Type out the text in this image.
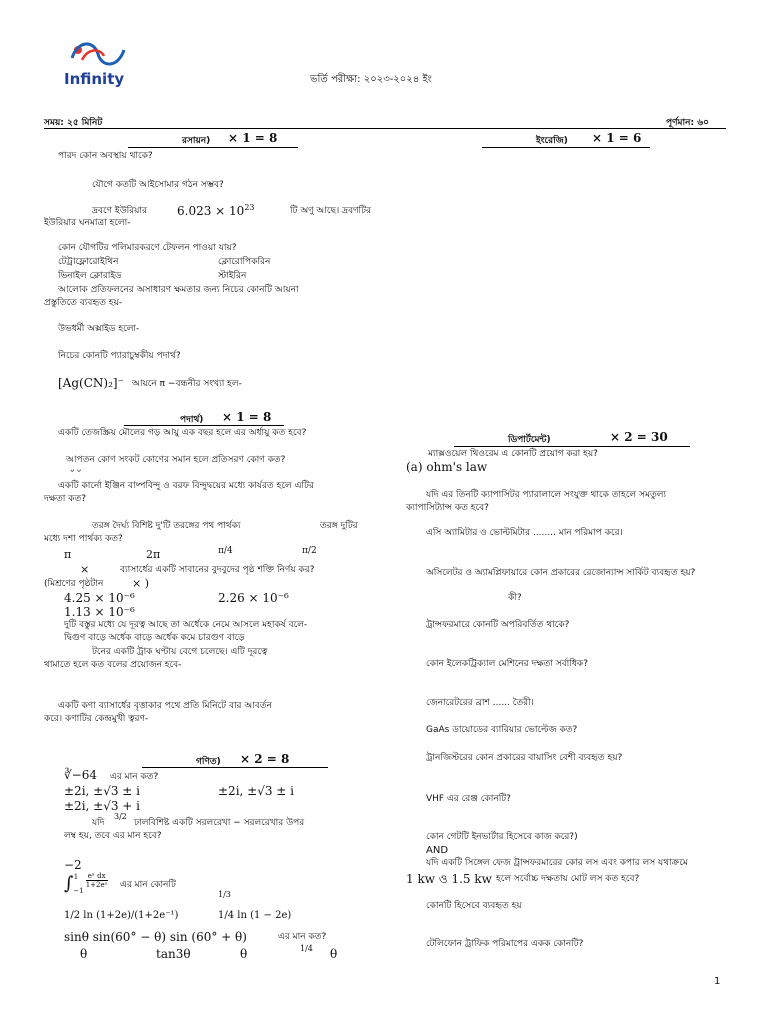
Infinity	ভর্তি পরীক্ষা: ২০২৩-২০২৪ ইং
সময়: ২৫ মিনিট	পূর্ণমান: ৬০
রসায়ন) × 1 = 8	ইংরেজি) × 1 = 6
পারদ কোন অবস্থায় থাকে?
যৌগে কতটি আইসোমার গঠন সম্ভব?
দ্রবণে ইউরিয়ার	$6.023 \times 10^{23}$	টি অণু আছে। দ্রবণটির
ইউরিয়ার ঘনমাত্রা হলো-
কোন যৌগটির পলিমারকরণে টেফলন পাওয়া যায়?
টেট্রাফ্লোরোইথিন	ক্লোরোপিকরিন
ভিনাইল ক্লোরাইড	স্টাইরিন
আলোক প্রতিফলনের অসাধারণ ক্ষমতার জন্য নিচের কোনটি আয়না
প্রস্তুতিতে ব্যবহৃত হয়-
উভধর্মী অক্সাইড হলো-
নিচের কোনটি প্যারাচুম্বকীয় পদার্থ?
[Ag(CN)₂]⁻ আয়নে π −বন্ধনীর সংখ্যা হল-
পদার্থ) × 1 = 8
একটি তেজস্ক্রিয় মৌলের গড় আয়ু এক বছর হলে এর অর্ধায়ু কত হবে?
আপতন কোণ সংকট কোণের সমান হলে প্রতিসরণ কোণ কত?
০ ০
একটি কার্নো ইঞ্জিন বাষ্পবিন্দু ও বরফ বিন্দুদ্বয়ের মধ্যে কার্যরত হলে এটির
দক্ষতা কত?
তরঙ্গ দৈর্ঘ্য বিশিষ্ট দু'টি তরঙ্গের পথ পার্থক্য	তরঙ্গ দুটির
মধ্যে দশা পার্থক্য কত?
π	2π	π/4	π/2
×	ব্যাসার্ধের একটি সাবানের বুদবুদের পৃষ্ঠ শক্তি নির্ণয় কর?
(মিশ্রণের পৃষ্ঠটান	× )
4.25 × 10⁻⁶	2.26 × 10⁻⁶
1.13 × 10⁻⁶
দুটি বস্তুর মধ্যে যে দূরত্ব আছে তা অর্ধেকে নেমে আসলে মহাকর্ষ বলে-
দ্বিগুণ বাড়ে অর্ধেক বাড়ে অর্ধেক কমে চারগুণ বাড়ে
টনের একটি ট্রাক ঘণ্টায় বেগে চলেছে। এটি দূরত্বে
থামাতে হলে কত বলের প্রয়োজন হবে-
একটি কণা ব্যাসার্ধের বৃত্তাকার পথে প্রতি মিনিটে বার আবর্তন
করে। কণাটির কেন্দ্রমুখী ত্বরণ-
গণিত) × 2 = 8
∛−64 এর মান কত?
±2i, ±√3 ± i	±2i, ±√3 ± i
±2i, ±√3 + i
যদি
3/2
ঢালবিশিষ্ট একটি সরলরেখা − সরলরেখার উপর
লম্ব হয়, তবে এর মান হবে?
−2
$\int_{-1}^1 \frac{\text{eˣ dx}}{\text{1+2eˣ}}$ এর মান কোনটি
1/3
1/2 ln (1+2e)/(1+2e⁻¹)	1/4 ln (1 − 2e)
sinθ sin(60° − θ) sin (60° + θ)	এর মান কত?
θ	tan3θ	θ	1/4 θ
ডিপার্টমেন্ট)	× 2 = 30
ম্যাক্সওয়েল থিওরেম এ কোনটি প্রয়োগ করা হয়?
(a) ohm's law
যদি এর তিনটি ক্যাপাসিটর প্যারালালে সংযুক্ত থাকে তাহলে সমতুল্য
ক্যাপাসিট্যান্স কত হবে?
এসি অ্যামিটার ও ভোল্টমিটার ........ মান পরিমাপ করে।
অসিলেটর ও অ্যামপ্লিফায়ারে কোন প্রকারের রেজোন্যান্স সার্কিট ব্যবহৃত হয়?
কী?
ট্রান্সফরমারে কোনটি অপরিবর্তিত থাকে?
কোন ইলেকট্রিক্যাল মেশিনের দক্ষতা সর্বাধিক?
জেনারেটরের ব্রাশ ...... তৈরী।
GaAs ডায়োডের ব্যারিয়ার ভোল্টেজ কত?
ট্রানজিস্টরের কোন প্রকারের বায়াসিং বেশী ব্যবহৃত হয়?
VHF এর রেঞ্জ কোনটি?
কোন গেটটি ইনভার্টার হিসেবে কাজ করে?)
AND
যদি একটি সিঙ্গেল ফেজ ট্রান্সফরমারের কোর লস এবং কপার লস যথাক্রমে
1 kw ও 1.5 kw হলে সর্বোচ্চ দক্ষতায় মোট লস কত হবে?
কোনটি হিসেবে ব্যবহৃত হয়
টেলিফোন ট্রাফিক পরিমাপের একক কোনটি?
1
